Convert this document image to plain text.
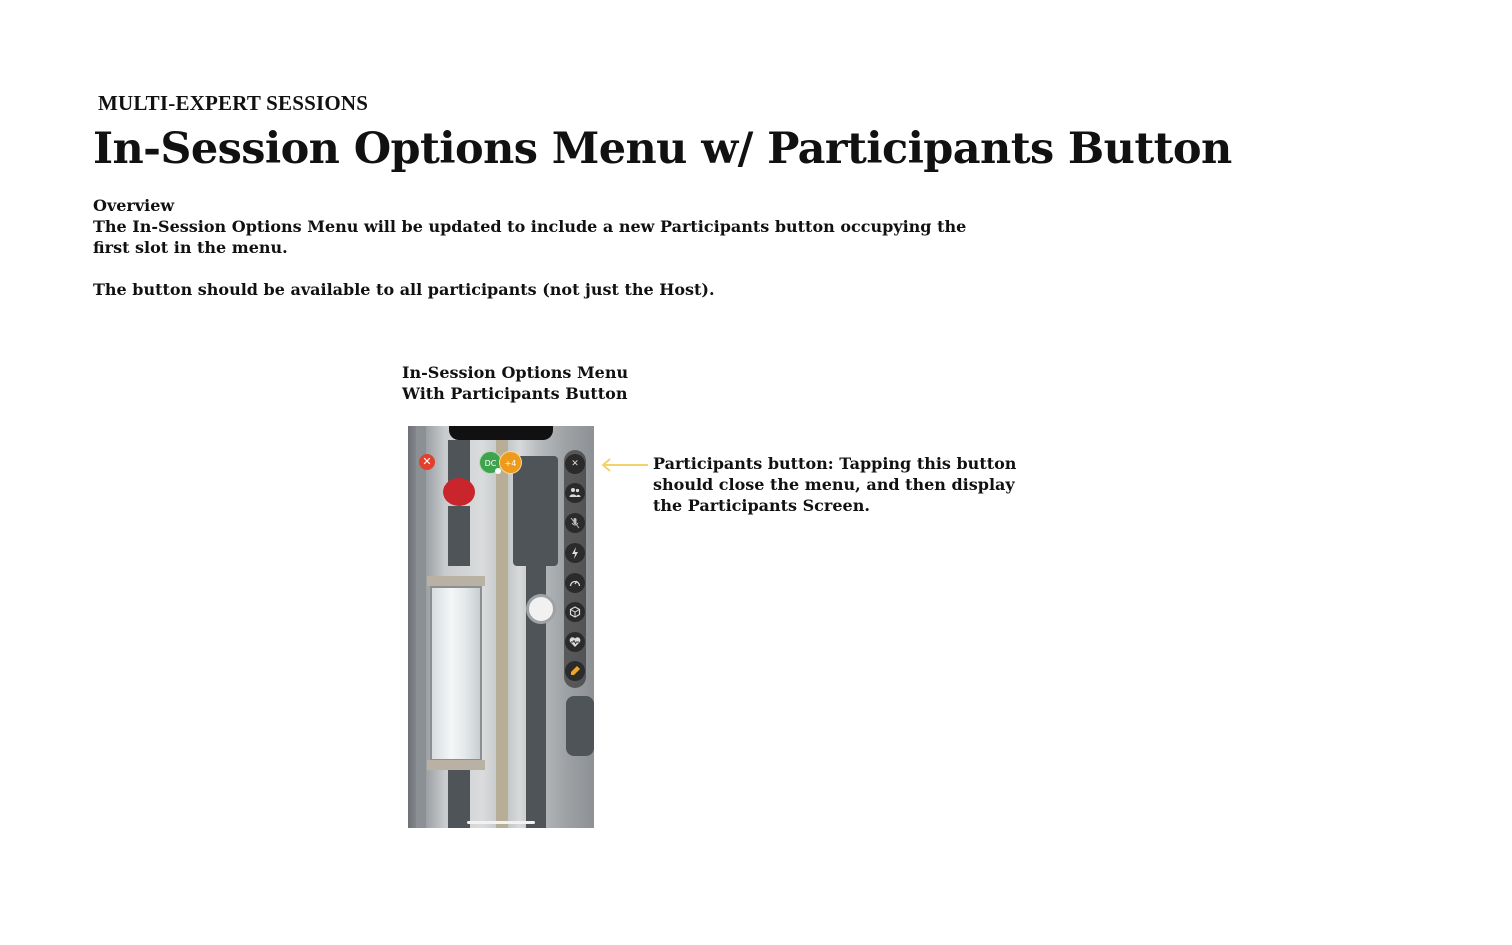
MULTI-EXPERT SESSIONS
In-Session Options Menu w/ Participants Button

Overview

The In-Session Options Menu will be updated to include a new Participants button occupying the first slot in the menu.

The button should be available to all participants (not just the Host).

In-Session Options Menu
With Participants Button
✕	DC	+4	✕	Participants button: Tapping this button should close the menu, and then display the Participants Screen.
